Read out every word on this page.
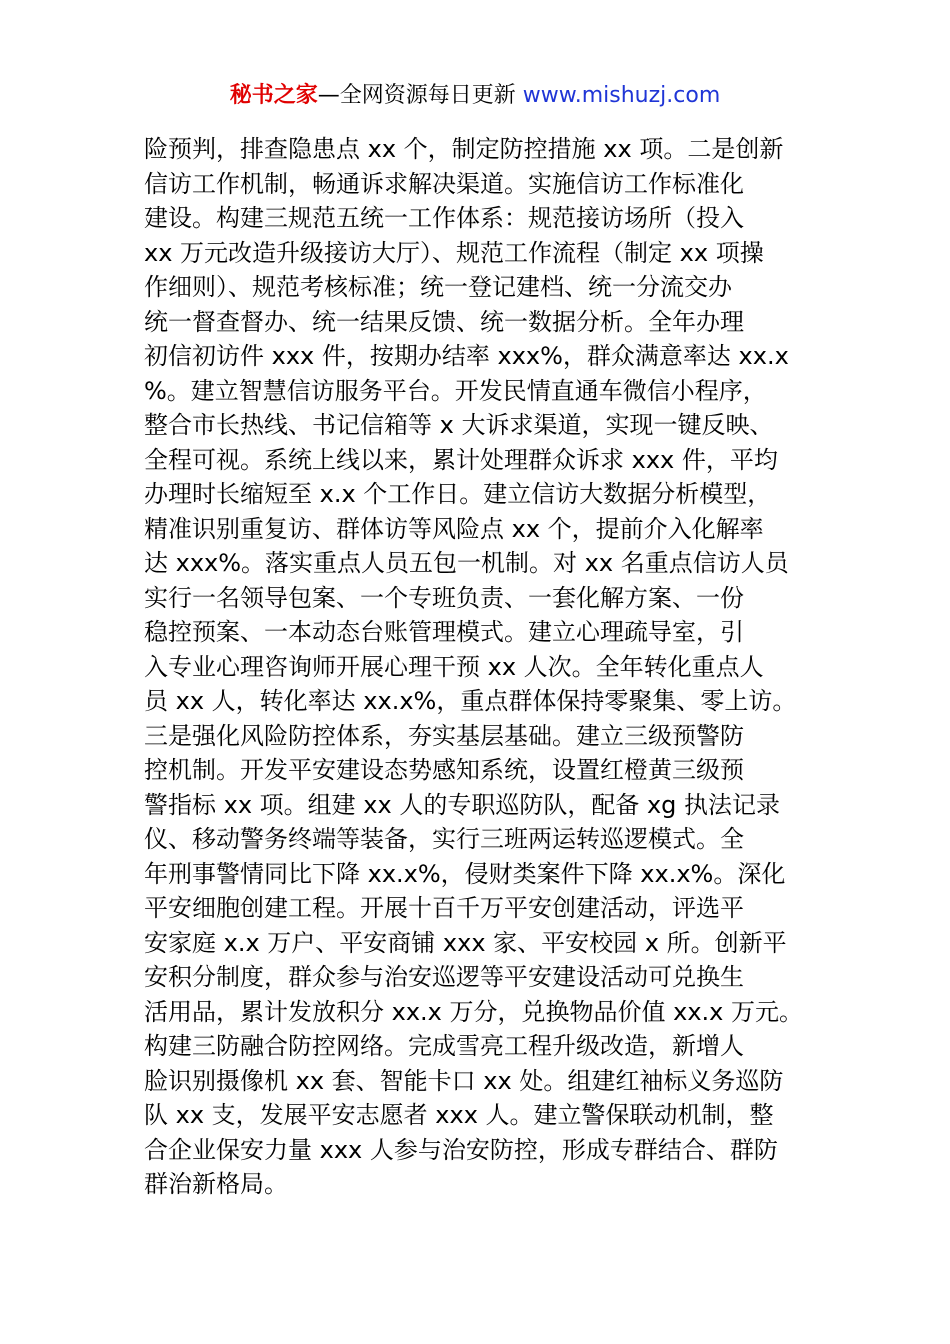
秘书之家—全网资源每日更新 www.mishuzj.com
险预判，排查隐患点 xx 个，制定防控措施 xx 项。二是创新
信访工作机制，畅通诉求解决渠道。实施信访工作标准化
建设。构建三规范五统一工作体系：规范接访场所（投入
xx 万元改造升级接访大厅）、规范工作流程（制定 xx 项操
作细则）、规范考核标准；统一登记建档、统一分流交办
统一督查督办、统一结果反馈、统一数据分析。全年办理
初信初访件 xxx 件，按期办结率 xxx%，群众满意率达 xx.x
%。建立智慧信访服务平台。开发民情直通车微信小程序，
整合市长热线、书记信箱等 x 大诉求渠道，实现一键反映、
全程可视。系统上线以来，累计处理群众诉求 xxx 件，平均
办理时长缩短至 x.x 个工作日。建立信访大数据分析模型，
精准识别重复访、群体访等风险点 xx 个，提前介入化解率
达 xxx%。落实重点人员五包一机制。对 xx 名重点信访人员
实行一名领导包案、一个专班负责、一套化解方案、一份
稳控预案、一本动态台账管理模式。建立心理疏导室，引
入专业心理咨询师开展心理干预 xx 人次。全年转化重点人
员 xx 人，转化率达 xx.x%，重点群体保持零聚集、零上访。
三是强化风险防控体系，夯实基层基础。建立三级预警防
控机制。开发平安建设态势感知系统，设置红橙黄三级预
警指标 xx 项。组建 xx 人的专职巡防队，配备 xg 执法记录
仪、移动警务终端等装备，实行三班两运转巡逻模式。全
年刑事警情同比下降 xx.x%，侵财类案件下降 xx.x%。深化
平安细胞创建工程。开展十百千万平安创建活动，评选平
安家庭 x.x 万户、平安商铺 xxx 家、平安校园 x 所。创新平
安积分制度，群众参与治安巡逻等平安建设活动可兑换生
活用品，累计发放积分 xx.x 万分，兑换物品价值 xx.x 万元。
构建三防融合防控网络。完成雪亮工程升级改造，新增人
脸识别摄像机 xx 套、智能卡口 xx 处。组建红袖标义务巡防
队 xx 支，发展平安志愿者 xxx 人。建立警保联动机制，整
合企业保安力量 xxx 人参与治安防控，形成专群结合、群防
群治新格局。
